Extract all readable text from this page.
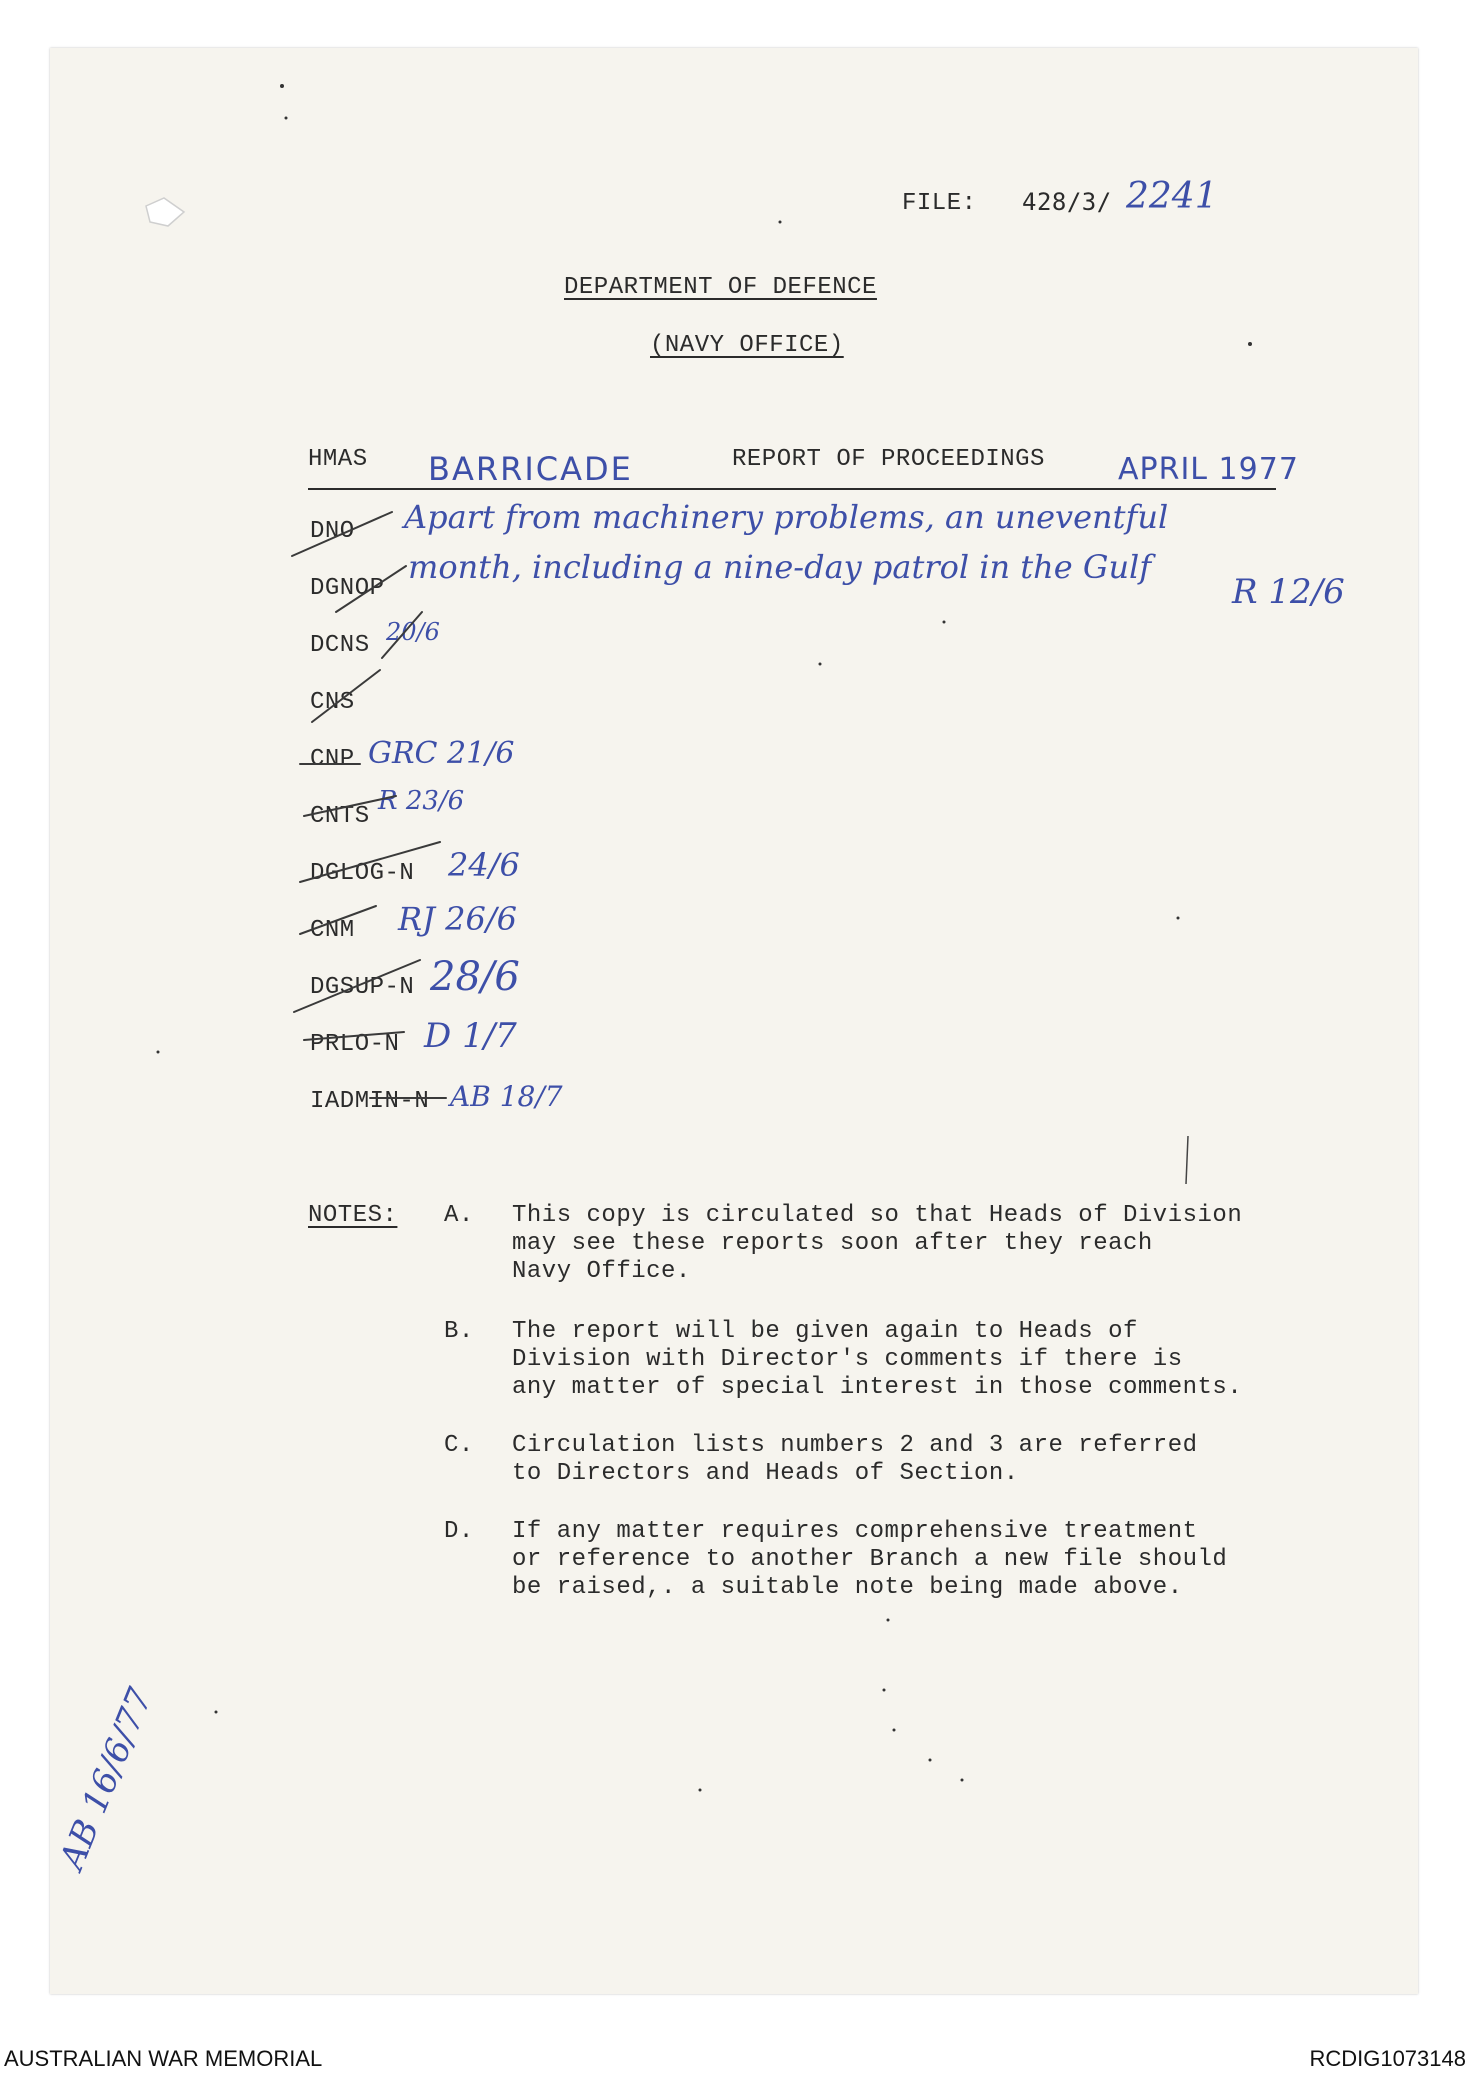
FILE: 428/3/ 2241
DEPARTMENT OF DEFENCE
(NAVY OFFICE)
HMAS BARRICADE	REPORT OF PROCEEDINGS APRIL 1977
Apart from machinery problems, an uneventful
month, including a nine-day patrol in the Gulf
R 12/6
DNO
DGNOP
DCNS 20/6
CNS
CNP GRC 21/6
CNTS
R 23/6
DGLOG-N 24/6
CNM RJ 26/6
DGSUP-N 28/6
PRLO-N D 1/7
IADMIN-N AB 18/7
NOTES: A. This copy is circulated so that Heads of Division
may see these reports soon after they reach
Navy Office.
B. The report will be given again to Heads of
Division with Director's comments if there is
any matter of special interest in those comments.
C. Circulation lists numbers 2 and 3 are referred
to Directors and Heads of Section.
D. If any matter requires comprehensive treatment
or reference to another Branch a new file should
be raised,. a suitable note being made above.
AB 16/6/77
AUSTRALIAN WAR MEMORIAL	RCDIG1073148
